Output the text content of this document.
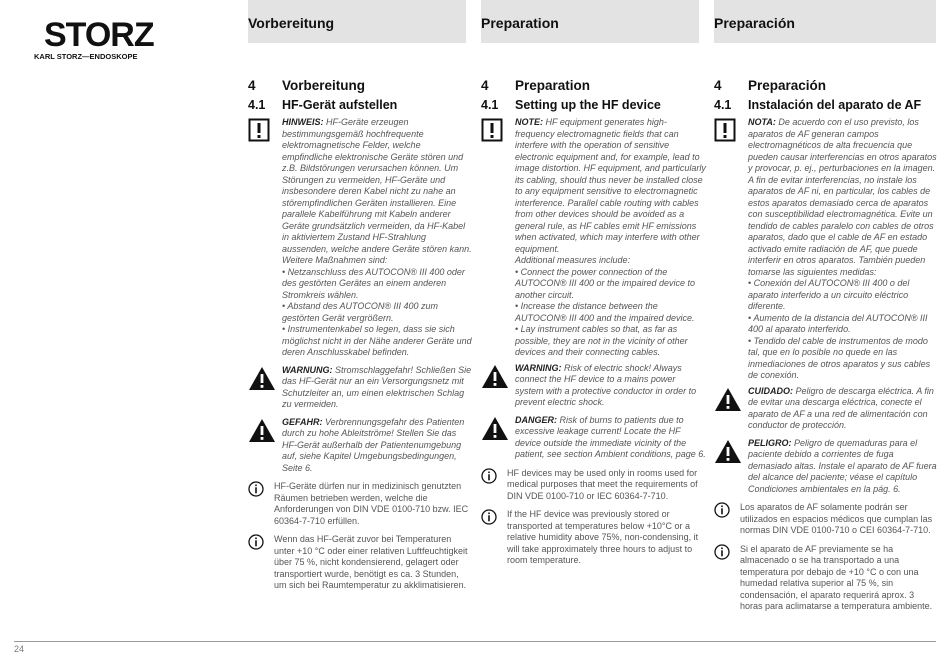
STORZ
KARL STORZ—ENDOSKOPE
Vorbereitung	Preparation	Preparación
4 Vorbereitung
4.1 HF-Gerät aufstellen

HINWEIS: HF-Geräte erzeugen bestimmungsgemäß hochfrequente elektromagnetische Felder, welche empfindliche elektronische Geräte stören und z.B. Bildstörungen verursachen können. Um Störungen zu vermeiden, HF-Geräte und insbesondere deren Kabel nicht zu nahe an störempfindlichen Geräten installieren. Eine parallele Kabelführung mit Kabeln anderer Geräte grundsätzlich vermeiden, da HF-Kabel in aktiviertem Zustand HF-Strahlung aussenden, welche andere Geräte stören kann.

Weitere Maßnahmen sind:

• Netzanschluss des AUTOCON® III 400 oder des gestörten Gerätes an einem anderen Stromkreis wählen.

• Abstand des AUTOCON® III 400 zum gestörten Gerät vergrößern.

• Instrumentenkabel so legen, dass sie sich möglichst nicht in der Nähe anderer Geräte und deren Anschlusskabel befinden.

WARNUNG: Stromschlaggefahr! Schließen Sie das HF-Gerät nur an ein Versorgungsnetz mit Schutzleiter an, um einen elektrischen Schlag zu vermeiden.

GEFAHR: Verbrennungsgefahr des Patienten durch zu hohe Ableitströme! Stellen Sie das HF-Gerät außerhalb der Patientenumgebung auf, siehe Kapitel Umgebungsbedingungen, Seite 6.

HF-Geräte dürfen nur in medizinisch genutzten Räumen betrieben werden, welche die Anforderungen von DIN VDE 0100-710 bzw. IEC 60364-7-710 erfüllen.

Wenn das HF-Gerät zuvor bei Temperaturen unter +10 °C oder einer relativen Luftfeuchtigkeit über 75 %, nicht kondensierend, gelagert oder transportiert wurde, benötigt es ca. 3 Stunden, um sich bei Raumtemperatur zu akklimatisieren.

4 Preparation
4.1 Setting up the HF device

NOTE: HF equipment generates high-frequency electromagnetic fields that can interfere with the operation of sensitive electronic equipment and, for example, lead to image distortion. HF equipment, and particularly its cabling, should thus never be installed close to any equipment sensitive to electromagnetic interference. Parallel cable routing with cables from other devices should be avoided as a general rule, as HF cables emit HF emissions when activated, which may interfere with other equipment.

Additional measures include:

• Connect the power connection of the AUTOCON® III 400 or the impaired device to another circuit.

• Increase the distance between the AUTOCON® III 400 and the impaired device.

• Lay instrument cables so that, as far as possible, they are not in the vicinity of other devices and their connecting cables.

WARNING: Risk of electric shock! Always connect the HF device to a mains power system with a protective conductor in order to prevent electric shock.

DANGER: Risk of burns to patients due to excessive leakage current! Locate the HF device outside the immediate vicinity of the patient, see section Ambient conditions, page 6.

HF devices may be used only in rooms used for medical purposes that meet the requirements of DIN VDE 0100-710 or IEC 60364-7-710.

If the HF device was previously stored or transported at temperatures below +10°C or a relative humidity above 75%, non-condensing, it will take approximately three hours to adjust to room temperature.

4 Preparación
4.1 Instalación del aparato de AF

NOTA: De acuerdo con el uso previsto, los aparatos de AF generan campos electromagnéticos de alta frecuencia que pueden causar interferencias en otros aparatos y provocar, p. ej., perturbaciones en la imagen. A fin de evitar interferencias, no instale los aparatos de AF ni, en particular, los cables de estos aparatos demasiado cerca de aparatos con susceptibilidad electromagnética. Evite un tendido de cables paralelo con cables de otros aparatos, dado que el cable de AF en estado activado emite radiación de AF, que puede interferir en otros aparatos. También pueden tomarse las siguientes medidas:

• Conexión del AUTOCON® III 400 o del aparato interferido a un circuito eléctrico diferente.

• Aumento de la distancia del AUTOCON® III 400 al aparato interferido.

• Tendido del cable de instrumentos de modo tal, que en lo posible no quede en las inmediaciones de otros aparatos y sus cables de conexión.

CUIDADO: Peligro de descarga eléctrica. A fin de evitar una descarga eléctrica, conecte el aparato de AF a una red de alimentación con conductor de protección.

PELIGRO: Peligro de quemaduras para el paciente debido a corrientes de fuga demasiado altas. Instale el aparato de AF fuera del alcance del paciente; véase el capítulo Condiciones ambientales en la pág. 6.

Los aparatos de AF solamente podrán ser utilizados en espacios médicos que cumplan las normas DIN VDE 0100-710 o CEI 60364-7-710.

Si el aparato de AF previamente se ha almacenado o se ha transportado a una temperatura por debajo de +10 °C o con una humedad relativa superior al 75 %, sin condensación, el aparato requerirá aprox. 3 horas para aclimatarse a temperatura ambiente.

24
